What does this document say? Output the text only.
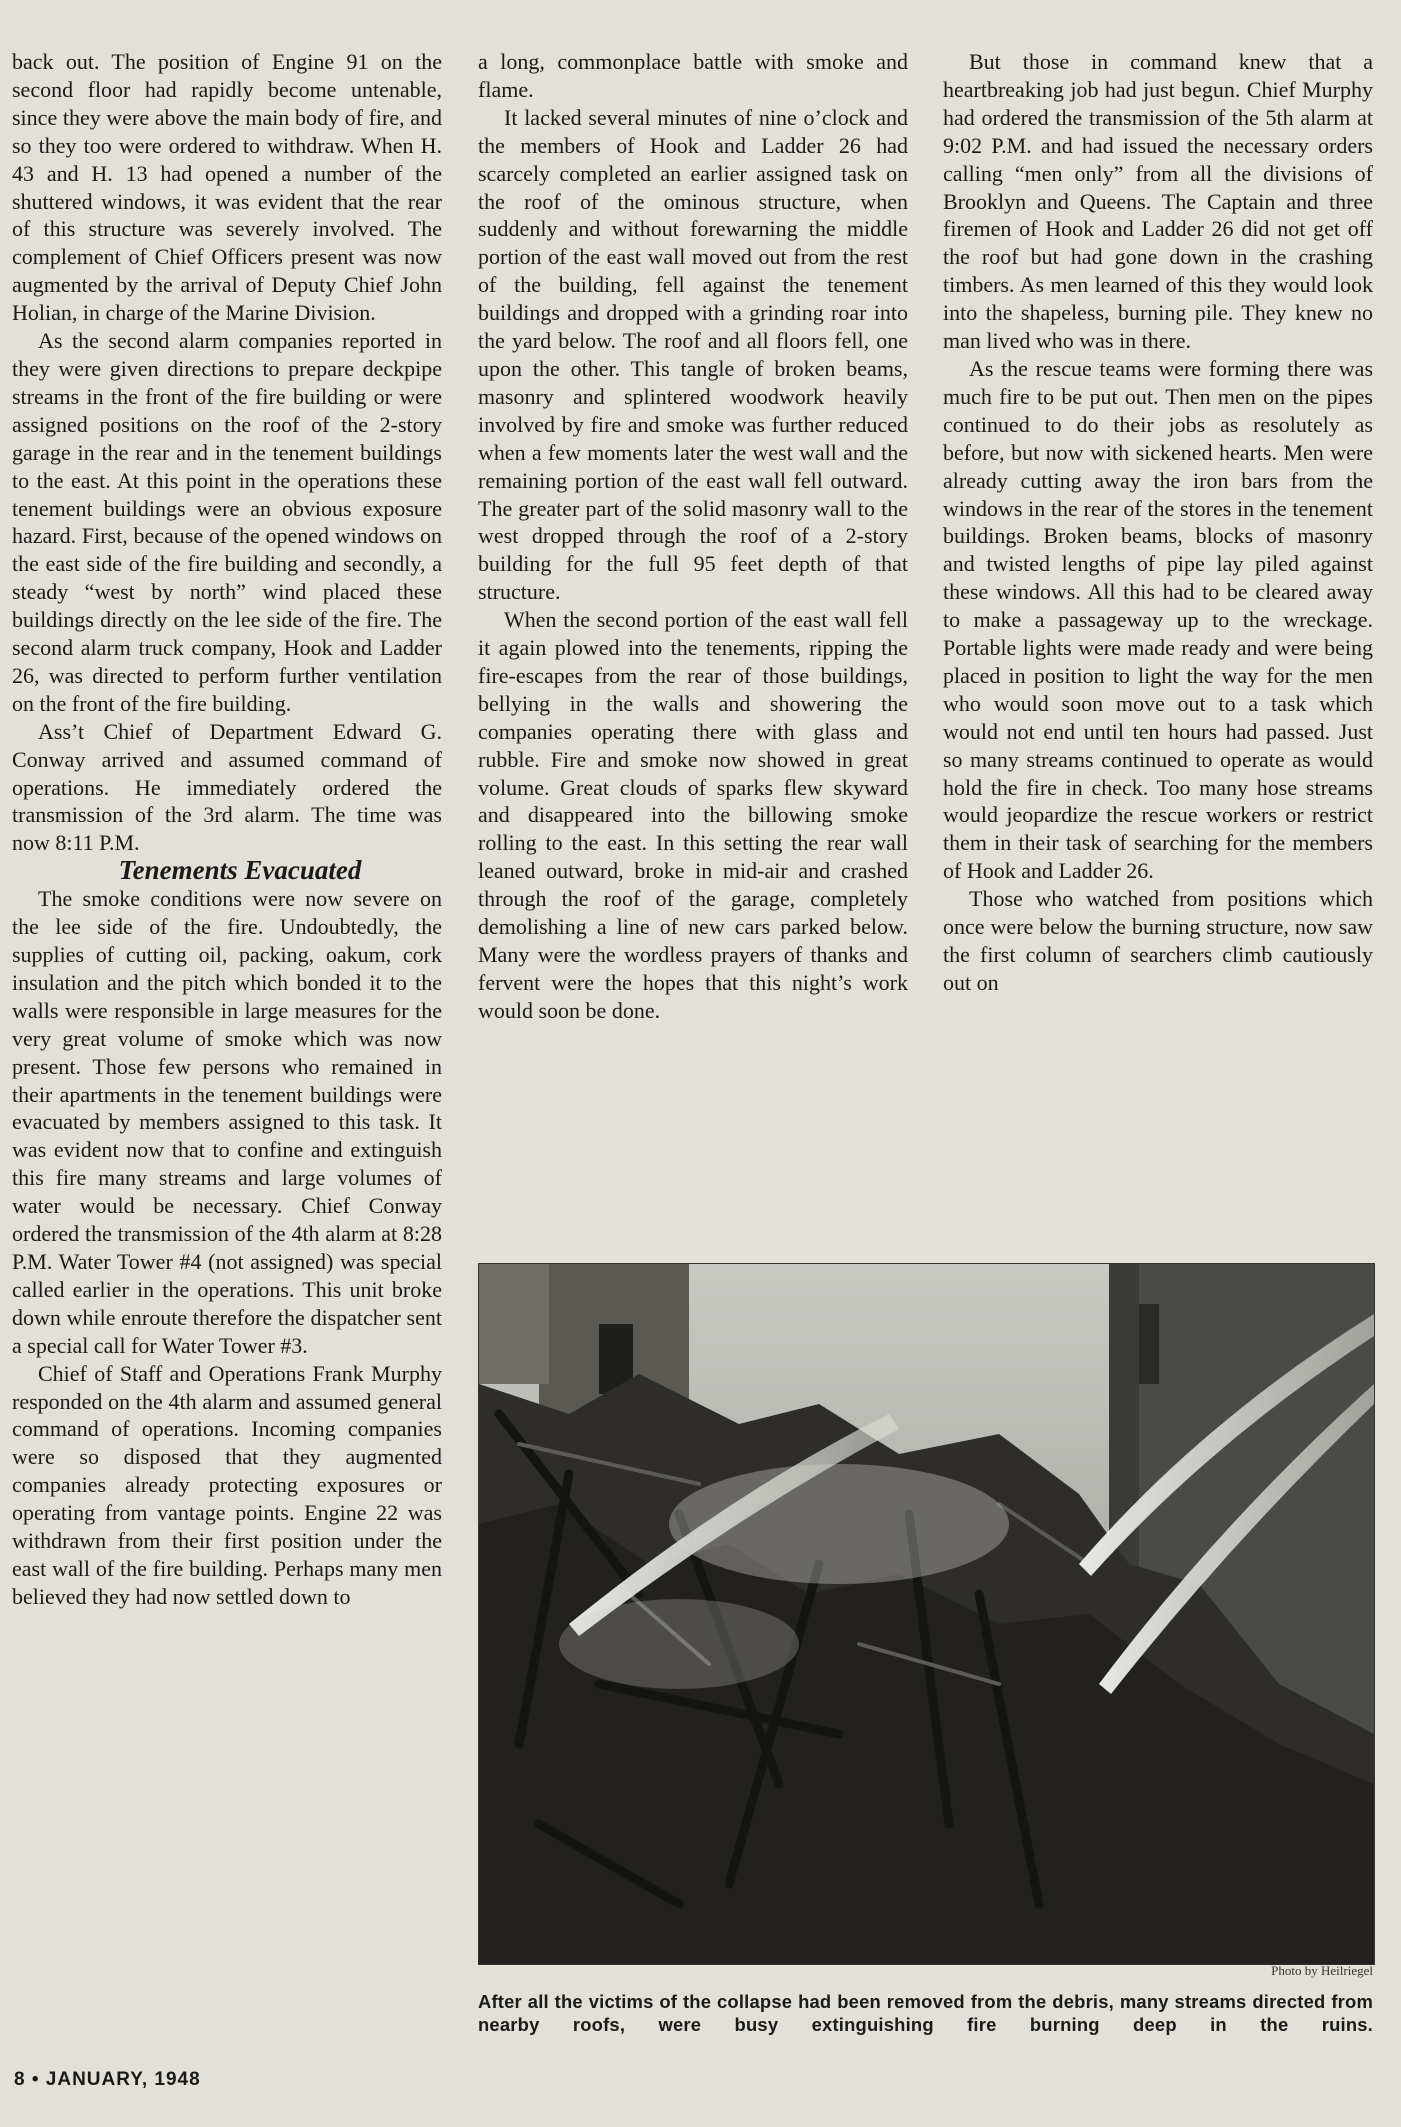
back out. The position of Engine 91 on the second floor had rapidly become untenable, since they were above the main body of fire, and so they too were ordered to withdraw. When H. 43 and H. 13 had opened a number of the shuttered windows, it was evident that the rear of this structure was severely involved. The complement of Chief Officers present was now augmented by the arrival of Deputy Chief John Holian, in charge of the Marine Division.

As the second alarm companies reported in they were given directions to prepare deckpipe streams in the front of the fire building or were assigned positions on the roof of the 2-story garage in the rear and in the tenement buildings to the east. At this point in the operations these tenement buildings were an obvious exposure hazard. First, because of the opened windows on the east side of the fire building and secondly, a steady “west by north” wind placed these buildings directly on the lee side of the fire. The second alarm truck company, Hook and Ladder 26, was directed to perform further ventilation on the front of the fire building.

Ass’t Chief of Department Edward G. Conway arrived and assumed command of operations. He immediately ordered the transmission of the 3rd alarm. The time was now 8:11 P.M.

Tenements Evacuated

The smoke conditions were now severe on the lee side of the fire. Undoubtedly, the supplies of cutting oil, packing, oakum, cork insulation and the pitch which bonded it to the walls were responsible in large measures for the very great volume of smoke which was now present. Those few persons who remained in their apartments in the tenement buildings were evacuated by members assigned to this task. It was evident now that to confine and extinguish this fire many streams and large volumes of water would be necessary. Chief Conway ordered the transmission of the 4th alarm at 8:28 P.M. Water Tower #4 (not assigned) was special called earlier in the operations. This unit broke down while enroute therefore the dispatcher sent a special call for Water Tower #3.

Chief of Staff and Operations Frank Murphy responded on the 4th alarm and assumed general command of operations. Incoming companies were so disposed that they augmented companies already protecting exposures or operating from vantage points. Engine 22 was withdrawn from their first position under the east wall of the fire building. Perhaps many men believed they had now settled down to

a long, commonplace battle with smoke and flame.

It lacked several minutes of nine o’clock and the members of Hook and Ladder 26 had scarcely completed an earlier assigned task on the roof of the ominous structure, when suddenly and without forewarning the middle portion of the east wall moved out from the rest of the building, fell against the tenement buildings and dropped with a grinding roar into the yard below. The roof and all floors fell, one upon the other. This tangle of broken beams, masonry and splintered woodwork heavily involved by fire and smoke was further reduced when a few moments later the west wall and the remaining portion of the east wall fell outward. The greater part of the solid masonry wall to the west dropped through the roof of a 2-story building for the full 95 feet depth of that structure.

When the second portion of the east wall fell it again plowed into the tenements, ripping the fire-escapes from the rear of those buildings, bellying in the walls and showering the companies operating there with glass and rubble. Fire and smoke now showed in great volume. Great clouds of sparks flew skyward and disappeared into the billowing smoke rolling to the east. In this setting the rear wall leaned outward, broke in mid-air and crashed through the roof of the garage, completely demolishing a line of new cars parked below. Many were the wordless prayers of thanks and fervent were the hopes that this night’s work would soon be done.

But those in command knew that a heartbreaking job had just begun. Chief Murphy had ordered the transmission of the 5th alarm at 9:02 P.M. and had issued the necessary orders calling “men only” from all the divisions of Brooklyn and Queens. The Captain and three firemen of Hook and Ladder 26 did not get off the roof but had gone down in the crashing timbers. As men learned of this they would look into the shapeless, burning pile. They knew no man lived who was in there.

As the rescue teams were forming there was much fire to be put out. Then men on the pipes continued to do their jobs as resolutely as before, but now with sickened hearts. Men were already cutting away the iron bars from the windows in the rear of the stores in the tenement buildings. Broken beams, blocks of masonry and twisted lengths of pipe lay piled against these windows. All this had to be cleared away to make a passageway up to the wreckage. Portable lights were made ready and were being placed in position to light the way for the men who would soon move out to a task which would not end until ten hours had passed. Just so many streams continued to operate as would hold the fire in check. Too many hose streams would jeopardize the rescue workers or restrict them in their task of searching for the members of Hook and Ladder 26.

Those who watched from positions which once were below the burning structure, now saw the first column of searchers climb cautiously out on

Photo by Heilriegel
After all the victims of the collapse had been removed from the debris, many streams directed from nearby roofs, were busy extinguishing fire burning deep in the ruins.
8 • JANUARY, 1948
